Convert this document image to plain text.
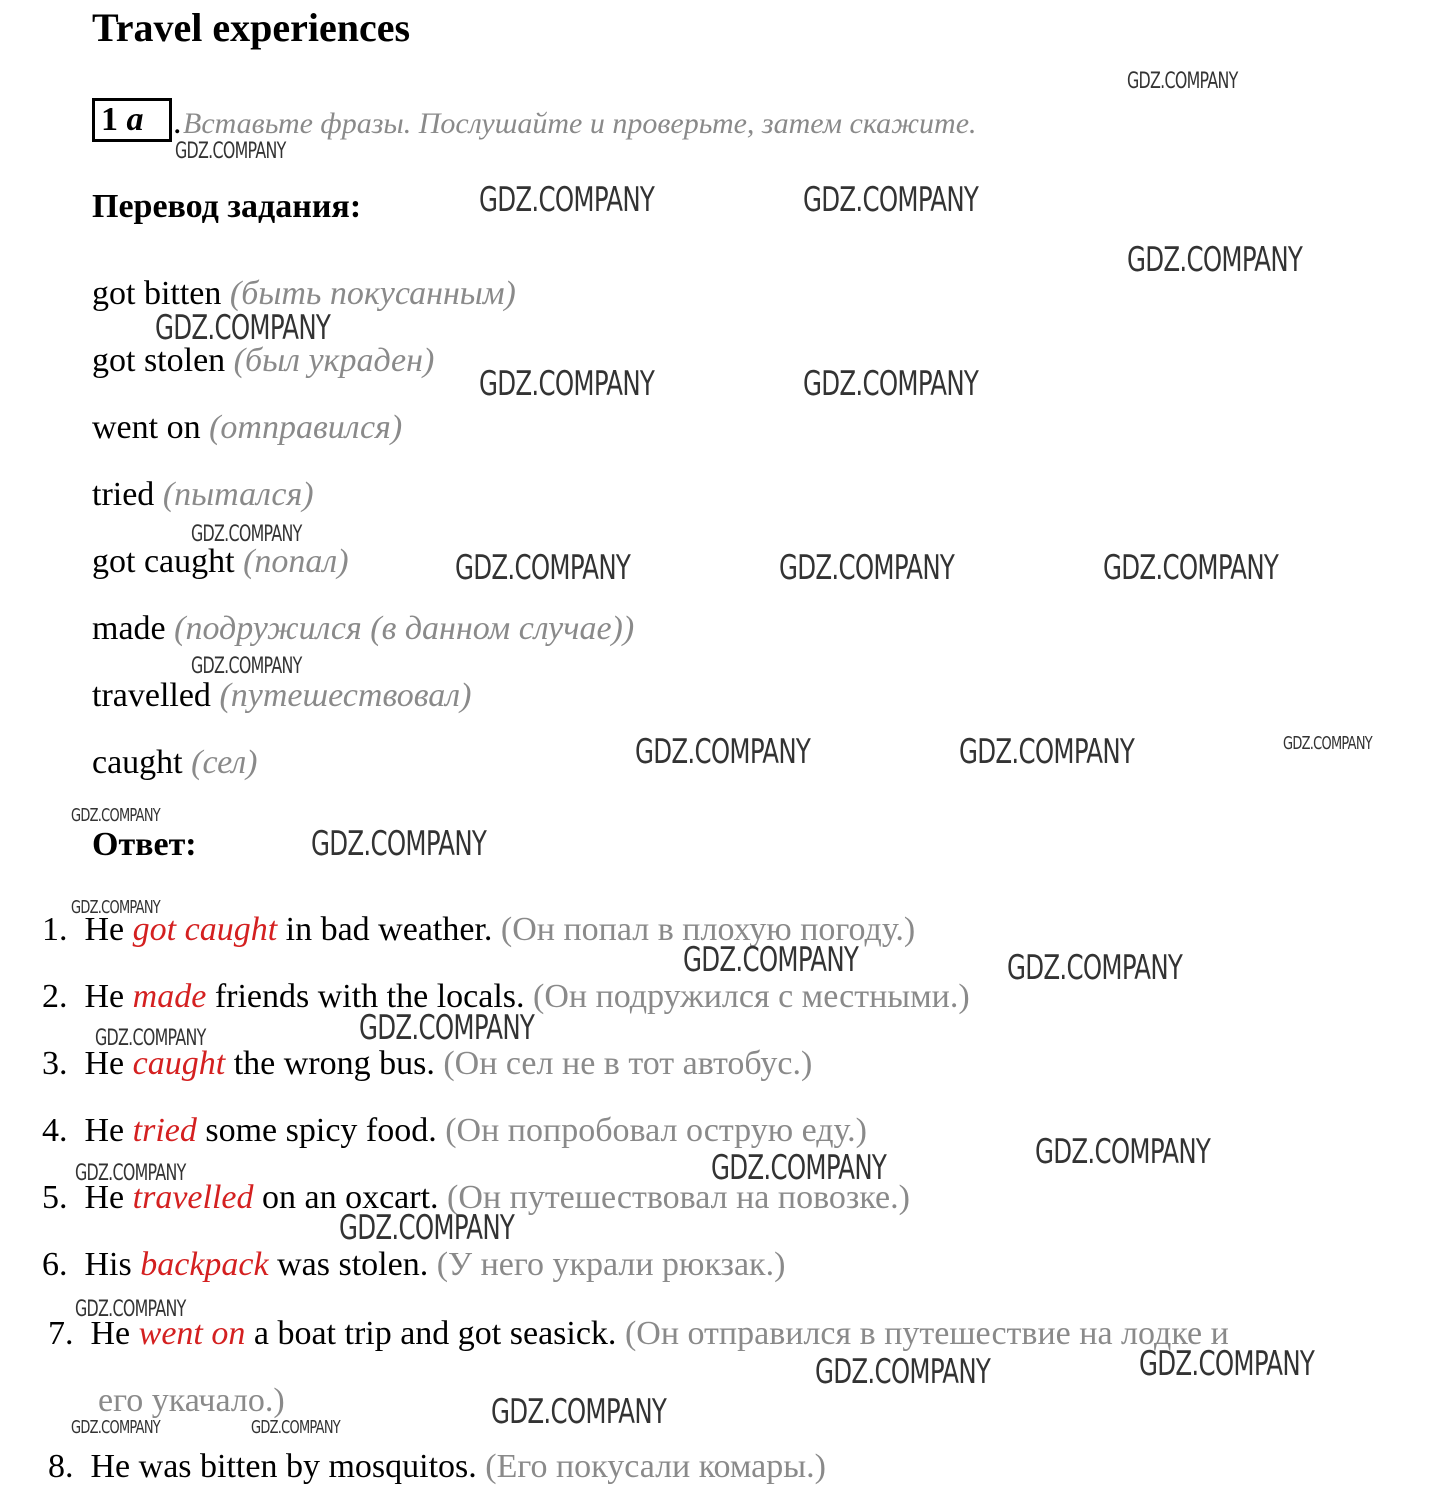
Travel experiences
1 a . Вставьте фразы. Послушайте и проверьте, затем скажите.
Перевод задания:
got bitten (быть покусанным)
got stolen (был украден)
went on (отправился)
tried (пытался)
got caught (попал)
made (подружился (в данном случае))
travelled (путешествовал)
caught (сел)
Ответ:
1. He got caught in bad weather. (Он попал в плохую погоду.)
2. He made friends with the locals. (Он подружился с местными.)
3. He caught the wrong bus. (Он сел не в тот автобус.)
4. He tried some spicy food. (Он попробовал острую еду.)
5. He travelled on an oxcart. (Он путешествовал на повозке.)
6. His backpack was stolen. (У него украли рюкзак.)
7. He went on a boat trip and got seasick. (Он отправился в путешествие на лодке и
его укачало.)
8. He was bitten by mosquitos. (Его покусали комары.)
GDZ.COMPANY
GDZ.COMPANY
GDZ.COMPANY	GDZ.COMPANY
GDZ.COMPANY
GDZ.COMPANY
GDZ.COMPANY	GDZ.COMPANY
GDZ.COMPANY
GDZ.COMPANY	GDZ.COMPANY	GDZ.COMPANY
GDZ.COMPANY
GDZ.COMPANY	GDZ.COMPANY	GDZ.COMPANY
GDZ.COMPANY
GDZ.COMPANY
GDZ.COMPANY
GDZ.COMPANY	GDZ.COMPANY
GDZ.COMPANY
GDZ.COMPANY
GDZ.COMPANY
GDZ.COMPANY
GDZ.COMPANY
GDZ.COMPANY
GDZ.COMPANY
GDZ.COMPANY
GDZ.COMPANY
GDZ.COMPANY
GDZ.COMPANY	GDZ.COMPANY
